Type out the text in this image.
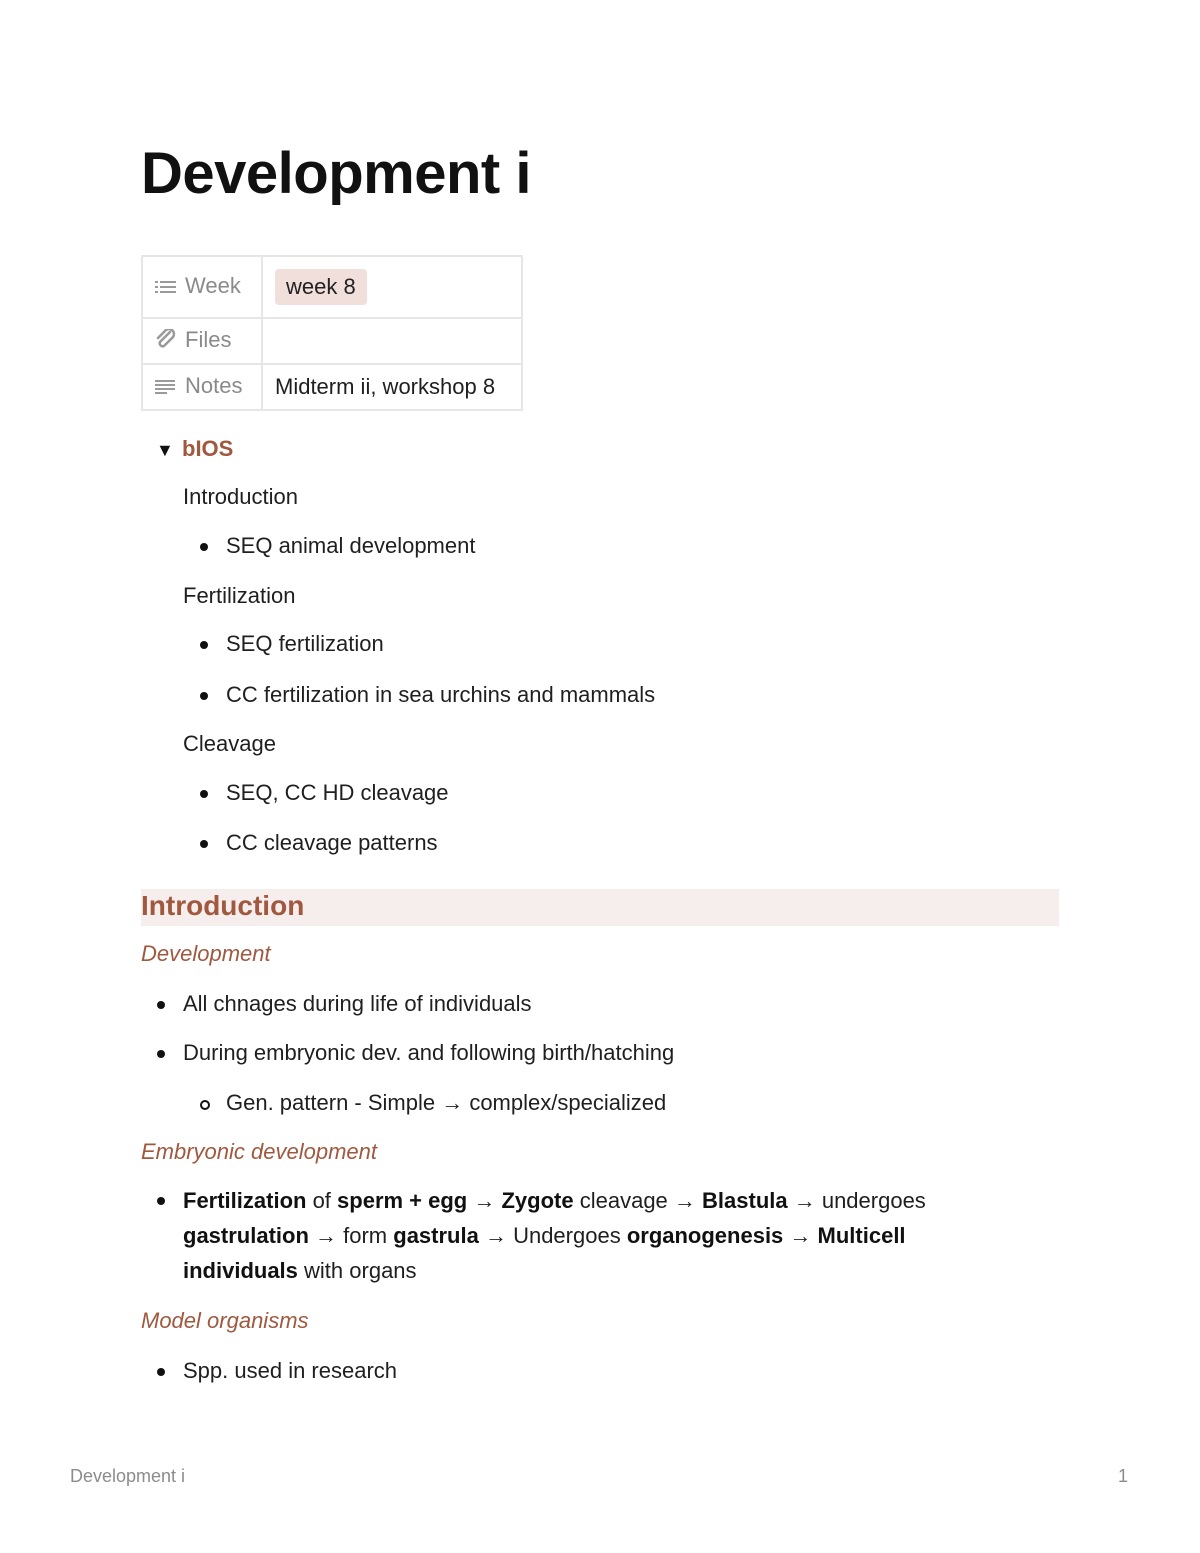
Development i
Week	week 8
Files	
Notes	Midterm ii, workshop 8
▼ bIOS
Introduction
SEQ animal development
Fertilization
SEQ fertilization
CC fertilization in sea urchins and mammals
Cleavage
SEQ, CC HD cleavage
CC cleavage patterns
Introduction
Development
All chnages during life of individuals
During embryonic dev. and following birth/hatching
Gen. pattern - Simple → complex/specialized
Embryonic development
Fertilization of sperm + egg → Zygote cleavage → Blastula → undergoes gastrulation → form gastrula → Undergoes organogenesis → Multicell individuals with organs
Model organisms
Spp. used in research
Development i	1
